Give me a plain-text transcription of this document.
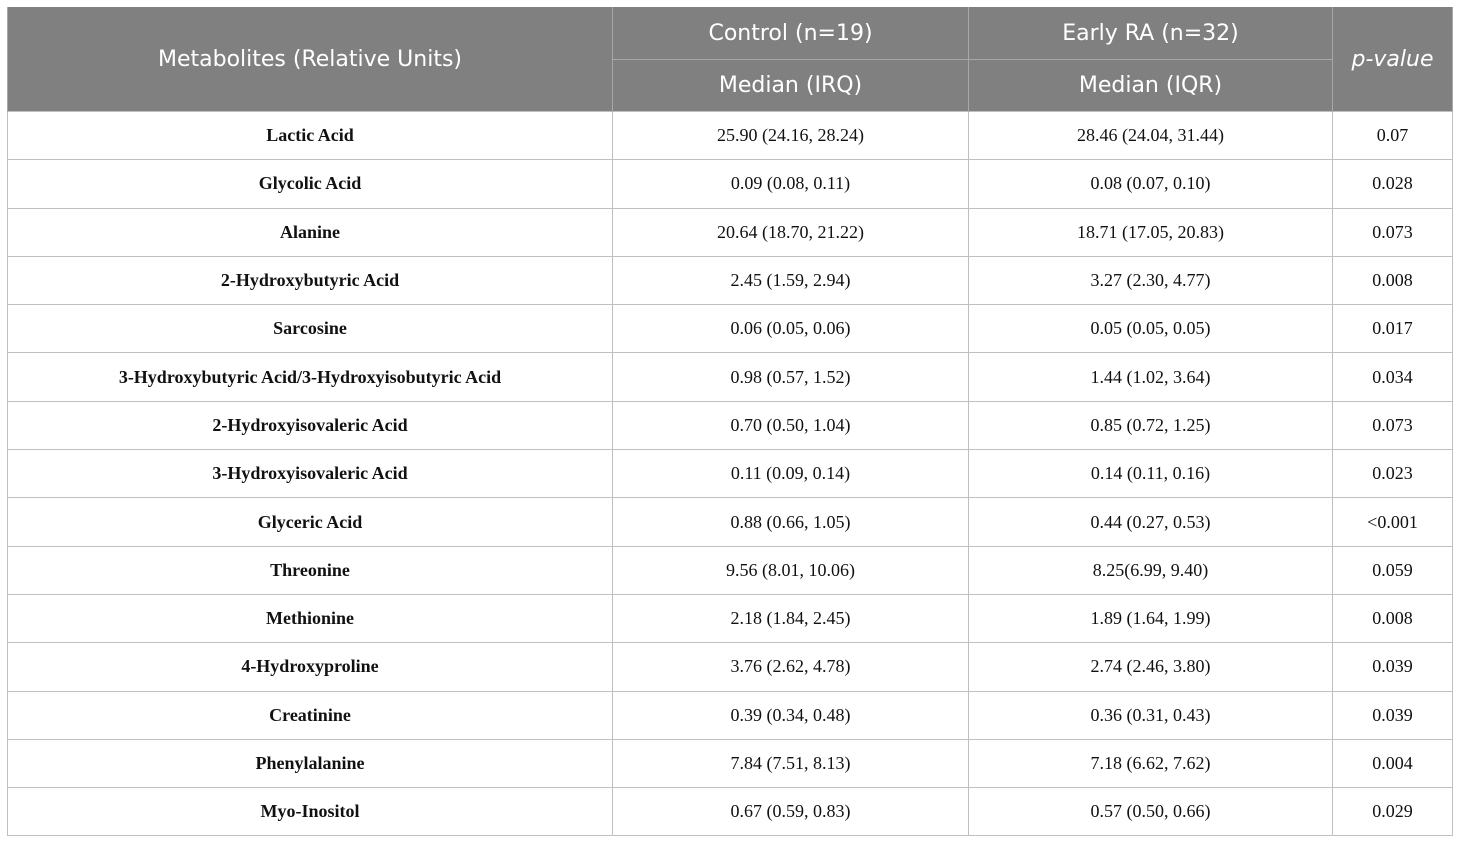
Metabolites (Relative Units)	Control (n=19)	Early RA (n=32)	p-value
	Median (IRQ)	Median (IQR)	
Lactic Acid	25.90 (24.16, 28.24)	28.46 (24.04, 31.44)	0.07
Glycolic Acid	0.09 (0.08, 0.11)	0.08 (0.07, 0.10)	0.028
Alanine	20.64 (18.70, 21.22)	18.71 (17.05, 20.83)	0.073
2-Hydroxybutyric Acid	2.45 (1.59, 2.94)	3.27 (2.30, 4.77)	0.008
Sarcosine	0.06 (0.05, 0.06)	0.05 (0.05, 0.05)	0.017
3-Hydroxybutyric Acid/3-Hydroxyisobutyric Acid	0.98 (0.57, 1.52)	1.44 (1.02, 3.64)	0.034
2-Hydroxyisovaleric Acid	0.70 (0.50, 1.04)	0.85 (0.72, 1.25)	0.073
3-Hydroxyisovaleric Acid	0.11 (0.09, 0.14)	0.14 (0.11, 0.16)	0.023
Glyceric Acid	0.88 (0.66, 1.05)	0.44 (0.27, 0.53)	<0.001
Threonine	9.56 (8.01, 10.06)	8.25(6.99, 9.40)	0.059
Methionine	2.18 (1.84, 2.45)	1.89 (1.64, 1.99)	0.008
4-Hydroxyproline	3.76 (2.62, 4.78)	2.74 (2.46, 3.80)	0.039
Creatinine	0.39 (0.34, 0.48)	0.36 (0.31, 0.43)	0.039
Phenylalanine	7.84 (7.51, 8.13)	7.18 (6.62, 7.62)	0.004
Myo-Inositol	0.67 (0.59, 0.83)	0.57 (0.50, 0.66)	0.029
